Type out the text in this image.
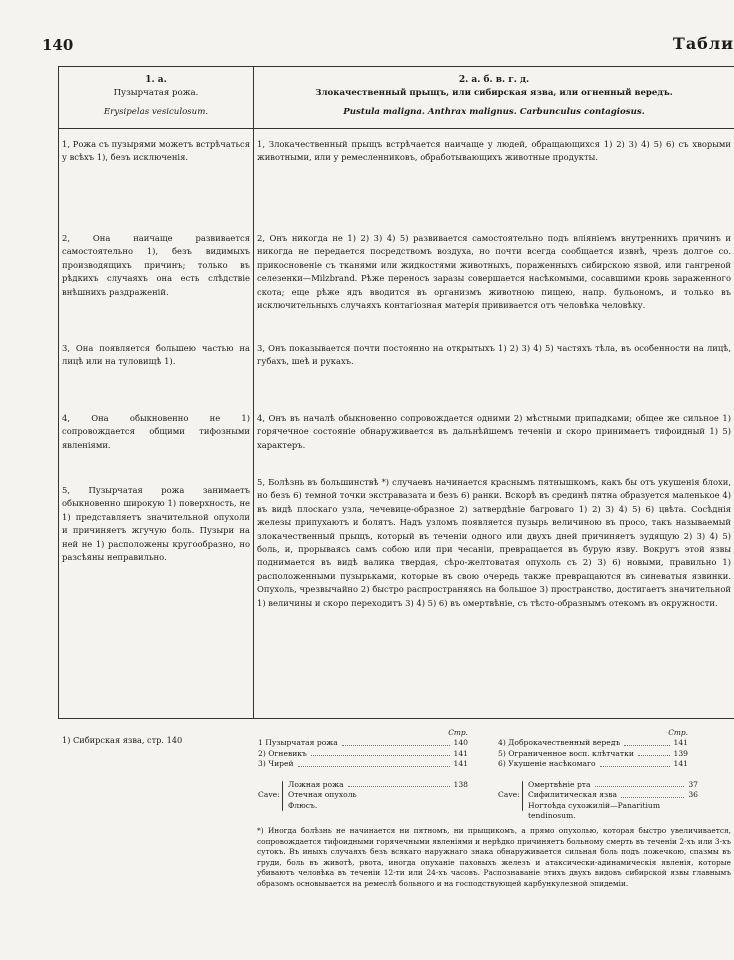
140	Табли
1. а.
Пузырчатая рожа.
Erysipelas vesiculosum.
2. а. б. в. г. д.
Злокачественный прыщъ, или сибирская язва, или огненный вередъ.
Pustula maligna. Anthrax malignus. Carbunculus contagiosus.
1, Рожа съ пузырями можетъ встрѣчаться у всѣхъ 1), безъ исключенія.
1, Злокачественный прыщъ встрѣчается наичаще у людей, обращающихся 1) 2) 3) 4) 5) 6) съ хворыми животными, или у ремесленниковъ, обработывающихъ животные продукты.
2, Она наичаще развивается самостоятельно 1), безъ видимыхъ производящихъ причинъ; только въ рѣдкихъ случаяхъ она есть слѣдствіе внѣшнихъ раздраженій.
2, Онъ никогда не 1) 2) 3) 4) 5) развивается самостоятельно подъ вліяніемъ внутреннихъ причинъ и никогда не передается посредствомъ воздуха, но почти всегда сообщается извнѣ, чрезъ долгое со. прикосновеніе съ тканями или жидкостями животныхъ, пораженныхъ сибирскою язвой, или гангреной селезенки—Milzbrand. Рѣже переносъ заразы совершается насѣкомыми, сосавшими кровь зараженного скота; еще рѣже ядъ вводится въ организмъ животною пищею, напр. бульономъ, и только въ исключительныхъ случаяхъ контагіозная матерія прививается отъ человѣка человѣку.
3, Она появляется большею частью на лицѣ или на туловищѣ 1).
3, Онъ показывается почти постоянно на открытыхъ 1) 2) 3) 4) 5) частяхъ тѣла, въ особенности на лицѣ, губахъ, шеѣ и рукахъ.
4, Она обыкновенно не 1) сопровождается общими тифозными явленіями.
4, Онъ въ началѣ обыкновенно сопровождается одними 2) мѣстными припадками; общее же сильное 1) горячечное состояніе обнаруживается въ дальнѣйшемъ теченіи и скоро принимаетъ тифоидный 1) 5) характеръ.
5, Пузырчатая рожа занимаетъ обыкновенно широкую 1) поверхность, не 1) представляетъ значительной опухоли и причиняетъ жгучую боль. Пузыри на ней не 1) расположены кругообразно, но разсѣяны неправильно.
5, Болѣзнь въ большинствѣ *) случаевъ начинается краснымъ пятнышкомъ, какъ бы отъ укушенія блохи, но безъ 6) темной точки экстравазата и безъ 6) ранки. Вскорѣ въ срединѣ пятна образуется маленькое 4) въ видѣ плоскаго узла, чечевице-образное 2) затвердѣніе багроваго 1) 2) 3) 4) 5) 6) цвѣта. Сосѣднія железы припухаютъ и болятъ. Надъ узломъ появляется пузырь величиною въ просо, такъ называемый злокачественный прыщъ, который въ теченіи одного или двухъ дней причиняетъ зудящую 2) 3) 4) 5) боль, и, прорываясь самъ собою или при чесаніи, превращается въ бурую язву. Вокругъ этой язвы поднимается въ видѣ валика твердая, сѣро-желтоватая опухоль съ 2) 3) 6) новыми, правильно 1) расположенными пузырьками, которые въ свою очередь также превращаются въ синеватыя язвинки. Опухоль, чрезвычайно 2) быстро распространяясь на большое 3) пространство, достигаетъ значительной 1) величины и скоро переходитъ 3) 4) 5) 6) въ омертвѣніе, съ тѣсто-образнымъ отекомъ въ окружности.
1) Сибирская язва, стр. 140
Стр.
1 Пузырчатая рожа	140
2) Огневикъ	141
3) Чирей	141
Стр.
4) Доброкачественный вередъ	141
5) Ограниченное восп. клѣтчатки	139
6) Укушеніе насѣкомаго	141
Cave:
Ложная рожа	138
Отечная опухоль
Флюсъ.
Cave:
Омертвѣніе рта	37
Сифилитическая язва	36
Ногтоѣда сухожилій—Panaritium tendinosum.
*) Иногда болѣзнь не начинается ни пятномъ, ни прыщикомъ, а прямо опухолью, которая быстро увеличивается, сопровождается тифоидными горячечными явленіями и нерѣдко причиняетъ больному смерть въ теченіи 2-хъ или 3-хъ сутокъ. Въ иныхъ случаяхъ безъ всякаго наружнаго знака обнаруживается сильная боль подъ ложечкою, спазмы въ груди, боль въ животѣ, рвота, иногда опуханіе паховыхъ железъ и атаксически-адинамическія явленія, которые убиваютъ человѣка въ теченіи 12-ти или 24-хъ часовъ. Распознаваніе этихъ двухъ видовъ сибирской язвы главнымъ образомъ основывается на ремеслѣ больного и на господствующей карбункулезной эпидеміи.
